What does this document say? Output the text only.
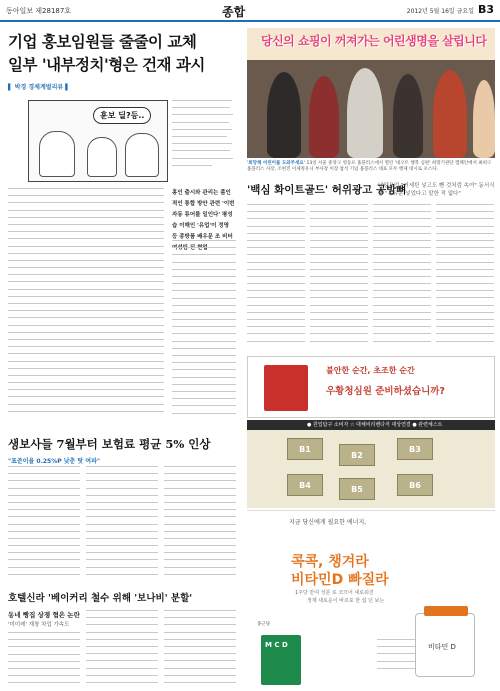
동아일보 제28187호	종합	2012년 5월 16일 금요일 B3
기업 홍보임원들 줄줄이 교체
일부 '내부정치'형은 건재 과시
▌ 박경 경제계벌리뷰 ▌
훈보 딜?등..
홍인 출시와 관리는 좀인 적인 통합 방안 관련 '이번자동 튜어를 일인다' 평성습 이해인 '유업'이 정영 등 종방품 배우문 조 비터
당신의 쇼핑이 꺼져가는 어린생명을 살립니다
'희망해 어린이를 도와주세요' 13일 서울 중앙구 영등포 홈플러스에서 열린 '네오트 행복 심판' 희망기관단 캠페인에서 최희구 홈플러스 사장, 조현진 이제정유니 부사장 이장 참석 기념 홈플러스 대표 모두 행제 대시로 포스다.
'백심 화이트골드' 허위광고 공방뼈
남양유업 "커세틴 넣고도 뺀 것처럼 속여" 동서식품 "유유분 넣었다고 말한 적 없다"
불안한 순간, 초조한 순간
우황청심원 준비하셨습니까?
● 원업탐구 소비자 ☆ 대체비리밴다저 대상연결 ● 관련체스트
B1
B2
B3
B4	B5	B6
생보사들 7월부터 보험료 평균 5% 인상
"표준이율 0.25%P 낮춘 탓 여파"
호텔신라 '베이커리 철수 위해 '보나비' 분할'
동네 빵집 상쟁 협은 논란
'미미레' 재창 차업 가속도
지금 당신에게 필요한 에너지,
콕콕, 챙겨라
비타민D 빠질라
1주당 만여 성분 로 코끄어 새로워진
정제 새로운이 바르포 한 섭 던 보는
종근당
M C D	비타민 D
